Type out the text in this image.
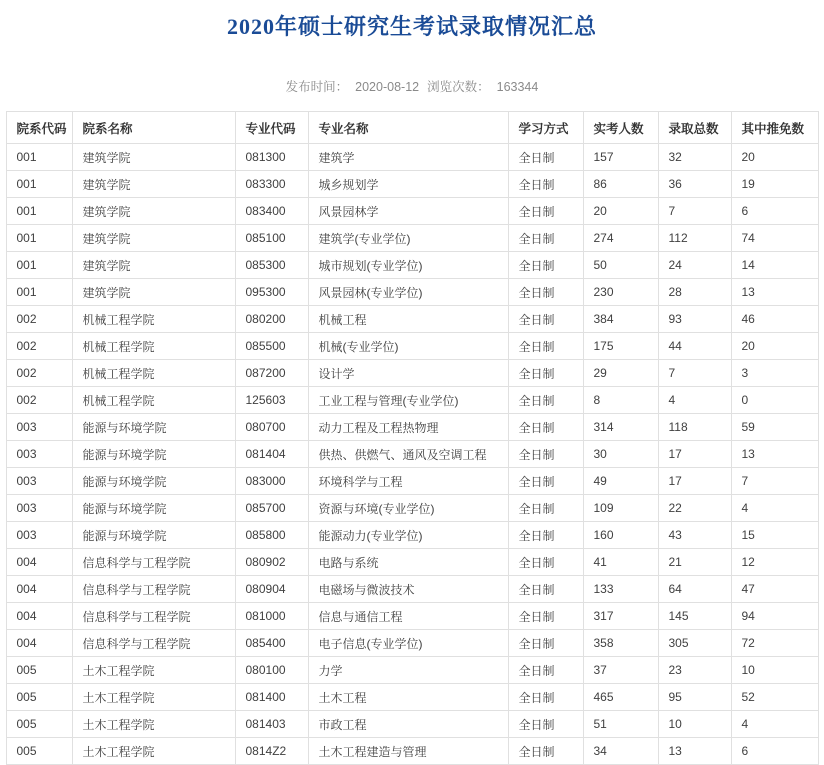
2020年硕士研究生考试录取情况汇总
发布时间： 2020-08-12 浏览次数： 163344
院系代码	院系名称	专业代码	专业名称	学习方式	实考人数	录取总数	其中推免数
001	建筑学院	081300	建筑学	全日制	157	32	20
001	建筑学院	083300	城乡规划学	全日制	86	36	19
001	建筑学院	083400	风景园林学	全日制	20	7	6
001	建筑学院	085100	建筑学(专业学位)	全日制	274	112	74
001	建筑学院	085300	城市规划(专业学位)	全日制	50	24	14
001	建筑学院	095300	风景园林(专业学位)	全日制	230	28	13
002	机械工程学院	080200	机械工程	全日制	384	93	46
002	机械工程学院	085500	机械(专业学位)	全日制	175	44	20
002	机械工程学院	087200	设计学	全日制	29	7	3
002	机械工程学院	125603	工业工程与管理(专业学位)	全日制	8	4	0
003	能源与环境学院	080700	动力工程及工程热物理	全日制	314	118	59
003	能源与环境学院	081404	供热、供燃气、通风及空调工程	全日制	30	17	13
003	能源与环境学院	083000	环境科学与工程	全日制	49	17	7
003	能源与环境学院	085700	资源与环境(专业学位)	全日制	109	22	4
003	能源与环境学院	085800	能源动力(专业学位)	全日制	160	43	15
004	信息科学与工程学院	080902	电路与系统	全日制	41	21	12
004	信息科学与工程学院	080904	电磁场与微波技术	全日制	133	64	47
004	信息科学与工程学院	081000	信息与通信工程	全日制	317	145	94
004	信息科学与工程学院	085400	电子信息(专业学位)	全日制	358	305	72
005	土木工程学院	080100	力学	全日制	37	23	10
005	土木工程学院	081400	土木工程	全日制	465	95	52
005	土木工程学院	081403	市政工程	全日制	51	10	4
005	土木工程学院	0814Z2	土木工程建造与管理	全日制	34	13	6
